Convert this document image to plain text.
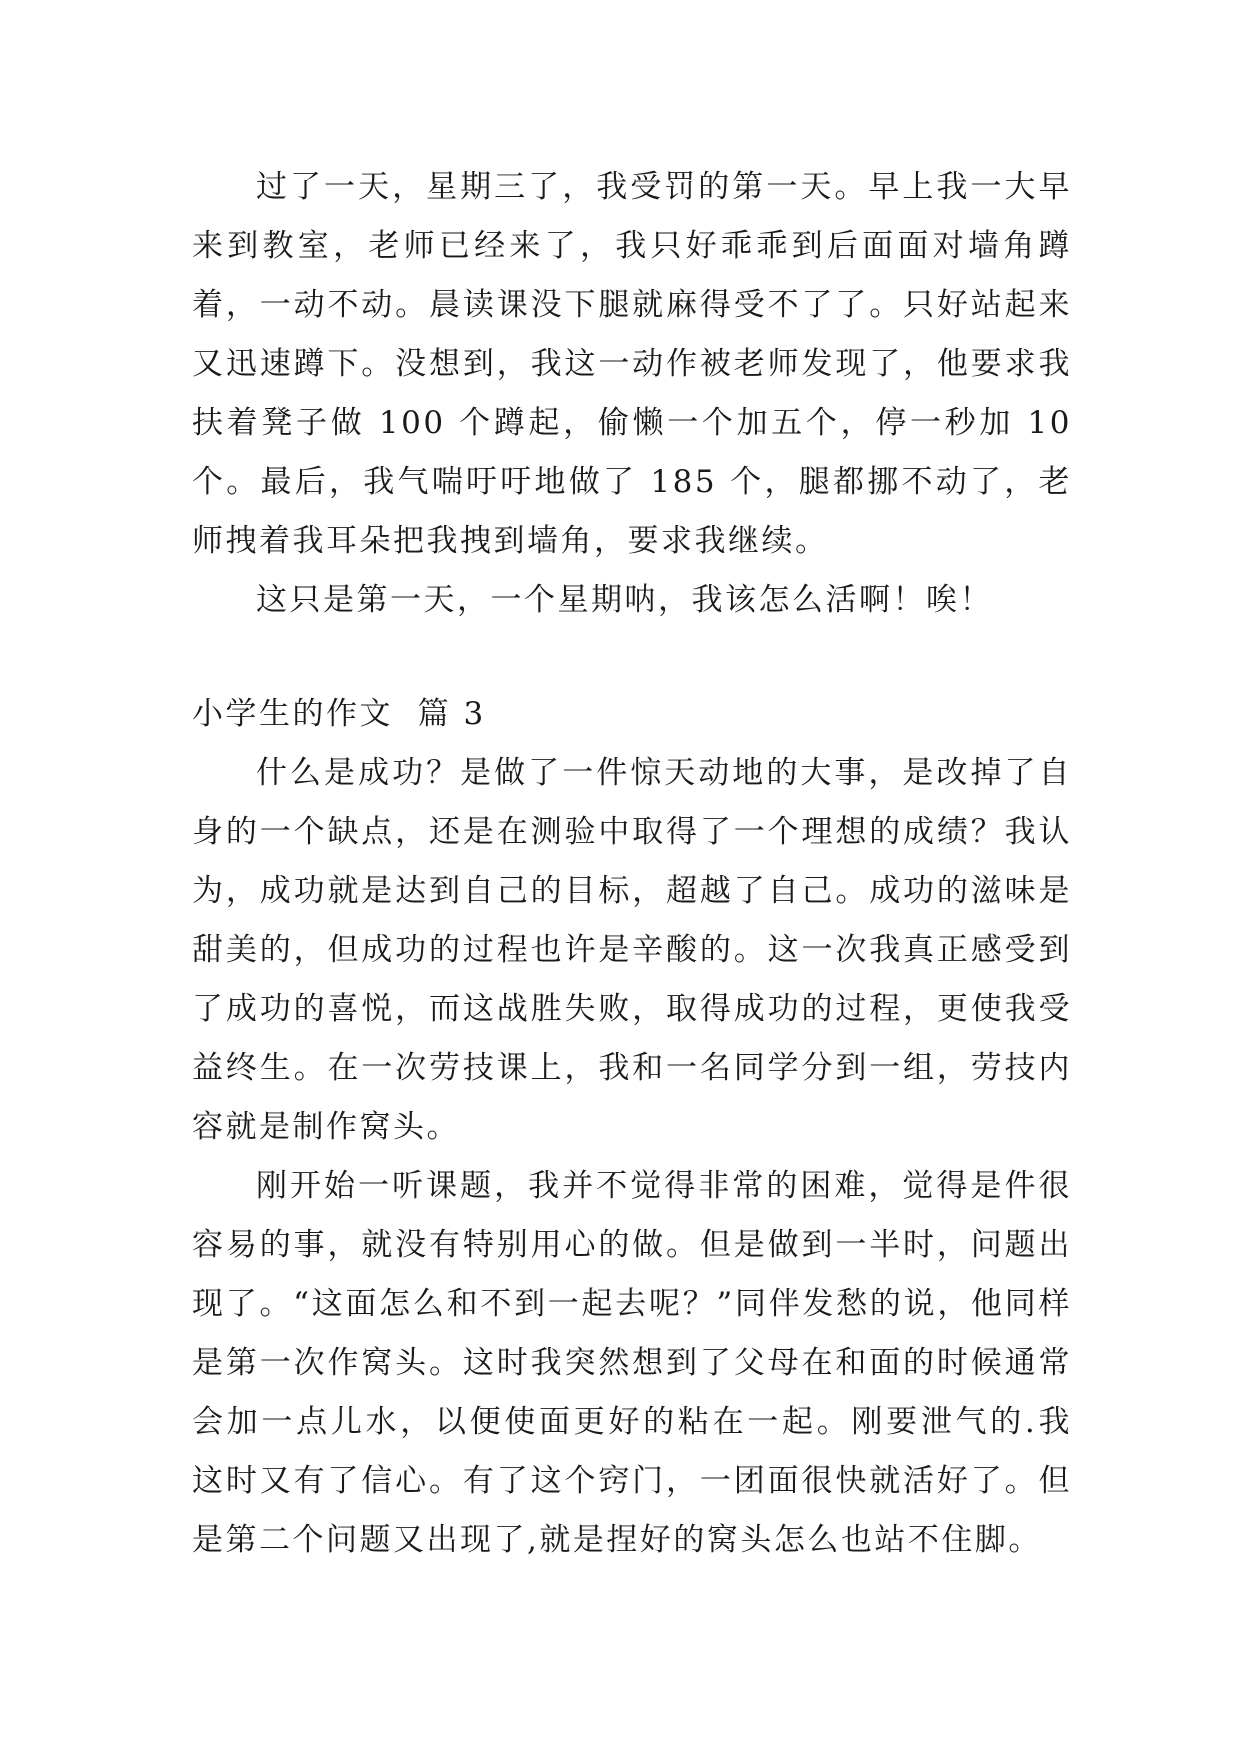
过了一天，星期三了，我受罚的第一天。早上我一大早来到教室，老师已经来了，我只好乖乖到后面面对墙角蹲着，一动不动。晨读课没下腿就麻得受不了了。只好站起来又迅速蹲下。没想到，我这一动作被老师发现了，他要求我扶着凳子做 100 个蹲起，偷懒一个加五个，停一秒加 10 个。最后，我气喘吁吁地做了 185 个，腿都挪不动了，老师拽着我耳朵把我拽到墙角，要求我继续。

这只是第一天，一个星期呐，我该怎么活啊！唉！

小学生的作文  篇 3

什么是成功？是做了一件惊天动地的大事，是改掉了自身的一个缺点，还是在测验中取得了一个理想的成绩？我认为，成功就是达到自己的目标，超越了自己。成功的滋味是甜美的，但成功的过程也许是辛酸的。这一次我真正感受到了成功的喜悦，而这战胜失败，取得成功的过程，更使我受益终生。在一次劳技课上，我和一名同学分到一组，劳技内容就是制作窝头。

刚开始一听课题，我并不觉得非常的困难，觉得是件很容易的事，就没有特别用心的做。但是做到一半时，问题出现了。“这面怎么和不到一起去呢？”同伴发愁的说，他同样是第一次作窝头。这时我突然想到了父母在和面的时候通常会加一点儿水，以便使面更好的粘在一起。刚要泄气的.我这时又有了信心。有了这个窍门，一团面很快就活好了。但是第二个问题又出现了,就是捏好的窝头怎么也站不住脚。
